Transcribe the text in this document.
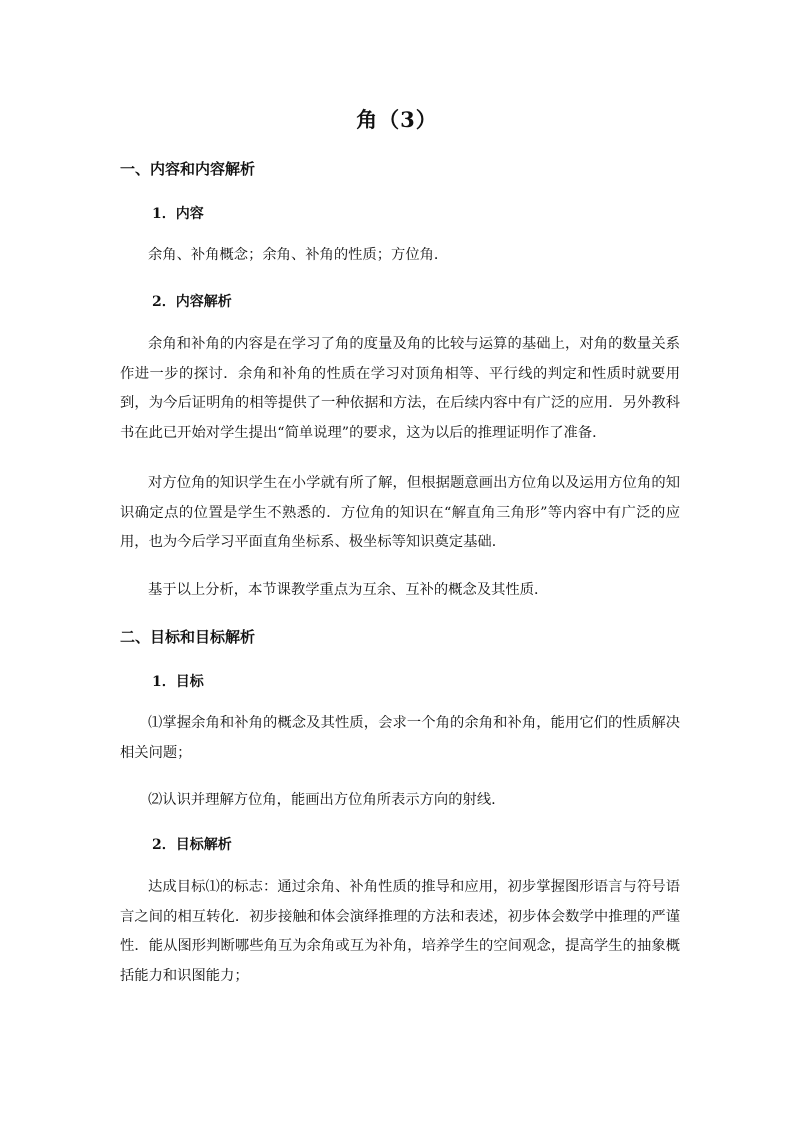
角（3）
一、内容和内容解析
1．内容
余角、补角概念；余角、补角的性质；方位角．
2．内容解析
余角和补角的内容是在学习了角的度量及角的比较与运算的基础上，对角的数量关系作进一步的探讨．余角和补角的性质在学习对顶角相等、平行线的判定和性质时就要用到，为今后证明角的相等提供了一种依据和方法，在后续内容中有广泛的应用．另外教科书在此已开始对学生提出“简单说理”的要求，这为以后的推理证明作了准备．
对方位角的知识学生在小学就有所了解，但根据题意画出方位角以及运用方位角的知识确定点的位置是学生不熟悉的．方位角的知识在“解直角三角形”等内容中有广泛的应用，也为今后学习平面直角坐标系、极坐标等知识奠定基础．
基于以上分析，本节课教学重点为互余、互补的概念及其性质．
二、目标和目标解析
1．目标
⑴掌握余角和补角的概念及其性质，会求一个角的余角和补角，能用它们的性质解决相关问题；
⑵认识并理解方位角，能画出方位角所表示方向的射线.
2．目标解析
达成目标⑴的标志：通过余角、补角性质的推导和应用，初步掌握图形语言与符号语言之间的相互转化．初步接触和体会演绎推理的方法和表述，初步体会数学中推理的严谨性．能从图形判断哪些角互为余角或互为补角，培养学生的空间观念，提高学生的抽象概括能力和识图能力；
